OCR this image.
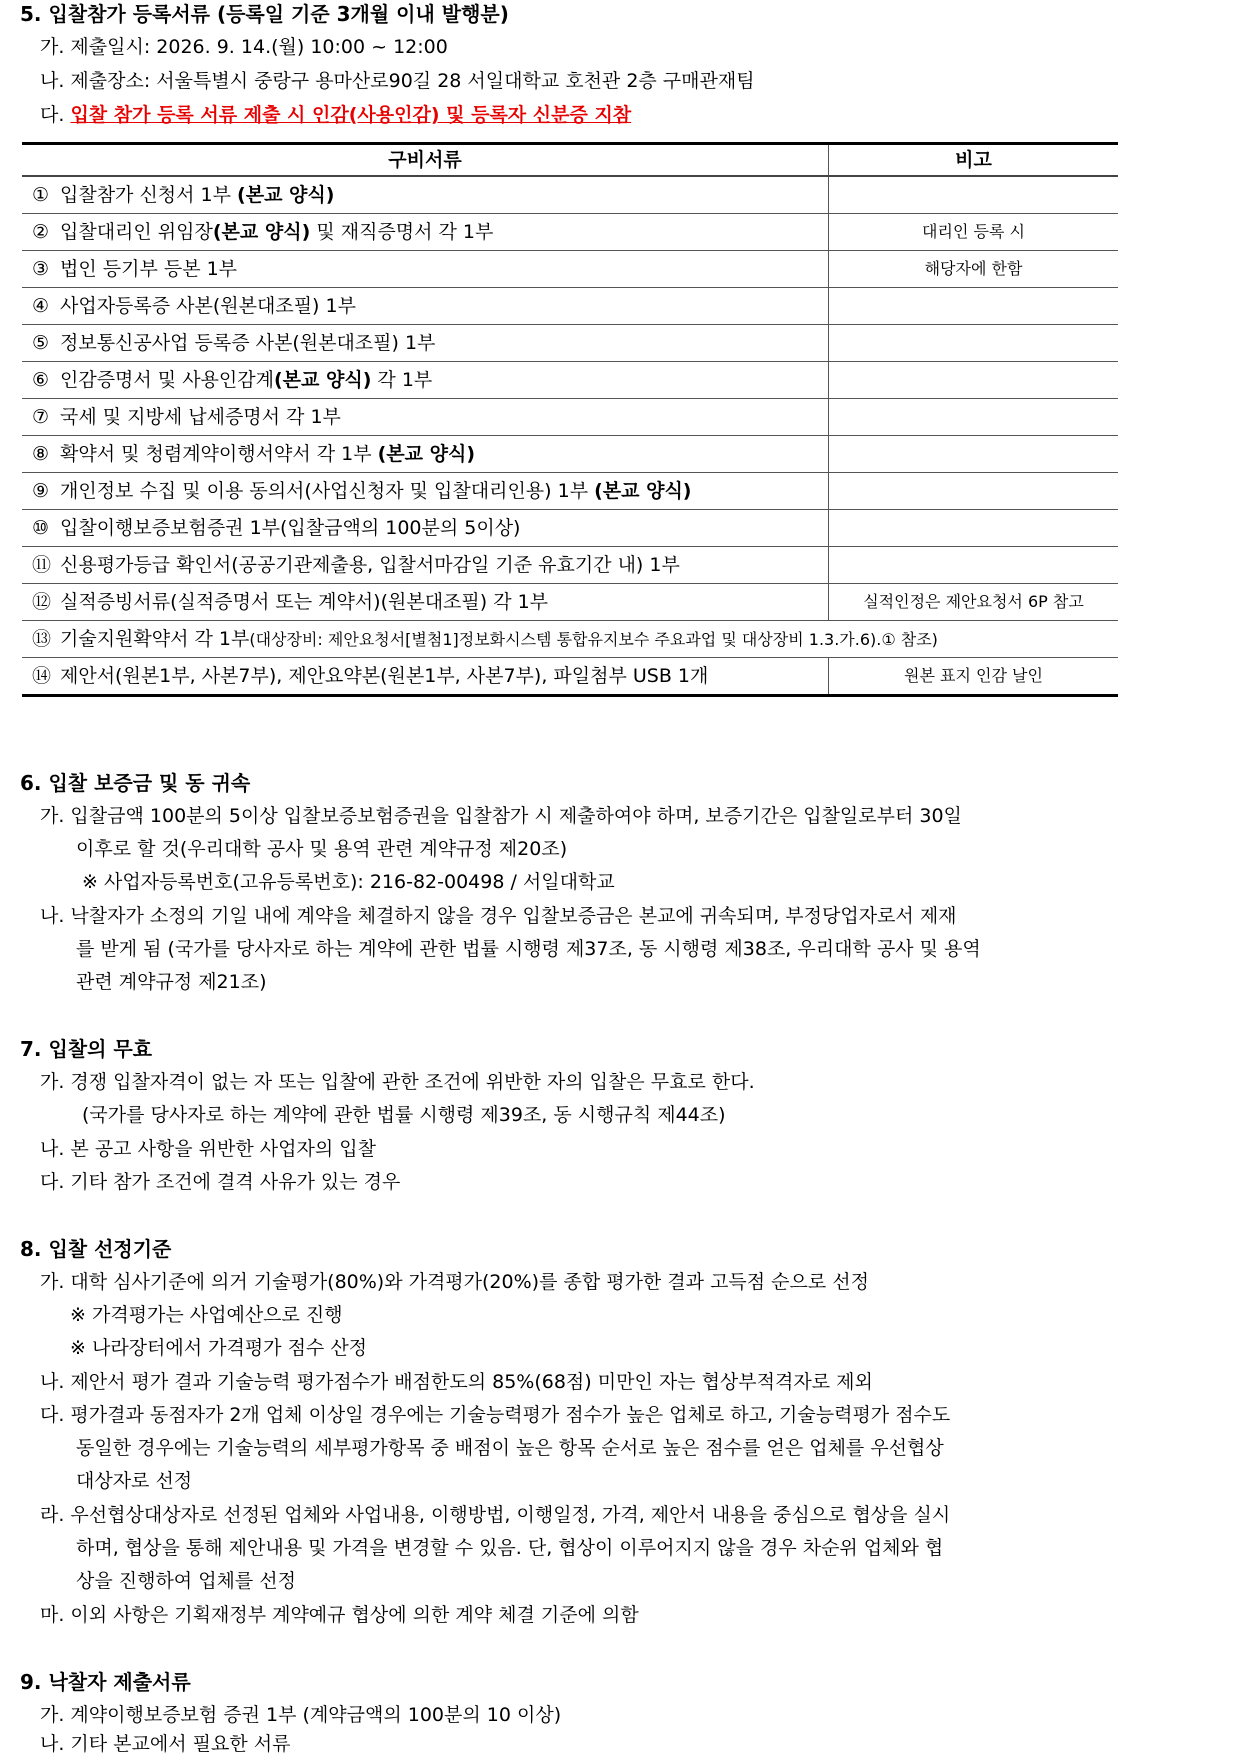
5. 입찰참가 등록서류 (등록일 기준 3개월 이내 발행분)
가. 제출일시: 2026. 9. 14.(월) 10:00 ~ 12:00
나. 제출장소: 서울특별시 중랑구 용마산로90길 28 서일대학교 호천관 2층 구매관재팀
다. 입찰 참가 등록 서류 제출 시 인감(사용인감) 및 등록자 신분증 지참
구비서류	비고
① 입찰참가 신청서 1부 (본교 양식)	
② 입찰대리인 위임장(본교 양식) 및 재직증명서 각 1부	대리인 등록 시
③ 법인 등기부 등본 1부	해당자에 한함
④ 사업자등록증 사본(원본대조필) 1부	
⑤ 정보통신공사업 등록증 사본(원본대조필) 1부	
⑥ 인감증명서 및 사용인감계(본교 양식) 각 1부	
⑦ 국세 및 지방세 납세증명서 각 1부	
⑧ 확약서 및 청렴계약이행서약서 각 1부 (본교 양식)	
⑨ 개인정보 수집 및 이용 동의서(사업신청자 및 입찰대리인용) 1부 (본교 양식)	
⑩ 입찰이행보증보험증권 1부(입찰금액의 100분의 5이상)	
⑪ 신용평가등급 확인서(공공기관제출용, 입찰서마감일 기준 유효기간 내) 1부	
⑫ 실적증빙서류(실적증명서 또는 계약서)(원본대조필) 각 1부	실적인정은 제안요청서 6P 참고
⑬ 기술지원확약서 각 1부(대상장비: 제안요청서[별첨1]정보화시스템 통합유지보수 주요과업 및 대상장비 1.3.가.6).① 참조)	
⑭ 제안서(원본1부, 사본7부), 제안요약본(원본1부, 사본7부), 파일첨부 USB 1개	원본 표지 인감 날인
6. 입찰 보증금 및 동 귀속
가. 입찰금액 100분의 5이상 입찰보증보험증권을 입찰참가 시 제출하여야 하며, 보증기간은 입찰일로부터 30일
이후로 할 것(우리대학 공사 및 용역 관련 계약규정 제20조)
※ 사업자등록번호(고유등록번호): 216-82-00498 / 서일대학교
나. 낙찰자가 소정의 기일 내에 계약을 체결하지 않을 경우 입찰보증금은 본교에 귀속되며, 부정당업자로서 제재
를 받게 됨 (국가를 당사자로 하는 계약에 관한 법률 시행령 제37조, 동 시행령 제38조, 우리대학 공사 및 용역
관련 계약규정 제21조)
7. 입찰의 무효
가. 경쟁 입찰자격이 없는 자 또는 입찰에 관한 조건에 위반한 자의 입찰은 무효로 한다.
(국가를 당사자로 하는 계약에 관한 법률 시행령 제39조, 동 시행규칙 제44조)
나. 본 공고 사항을 위반한 사업자의 입찰
다. 기타 참가 조건에 결격 사유가 있는 경우
8. 입찰 선정기준
가. 대학 심사기준에 의거 기술평가(80%)와 가격평가(20%)를 종합 평가한 결과 고득점 순으로 선정
※ 가격평가는 사업예산으로 진행
※ 나라장터에서 가격평가 점수 산정
나. 제안서 평가 결과 기술능력 평가점수가 배점한도의 85%(68점) 미만인 자는 협상부적격자로 제외
다. 평가결과 동점자가 2개 업체 이상일 경우에는 기술능력평가 점수가 높은 업체로 하고, 기술능력평가 점수도
동일한 경우에는 기술능력의 세부평가항목 중 배점이 높은 항목 순서로 높은 점수를 얻은 업체를 우선협상
대상자로 선정
라. 우선협상대상자로 선정된 업체와 사업내용, 이행방법, 이행일정, 가격, 제안서 내용을 중심으로 협상을 실시
하며, 협상을 통해 제안내용 및 가격을 변경할 수 있음. 단, 협상이 이루어지지 않을 경우 차순위 업체와 협
상을 진행하여 업체를 선정
마. 이외 사항은 기획재정부 계약예규 협상에 의한 계약 체결 기준에 의함
9. 낙찰자 제출서류
가. 계약이행보증보험 증권 1부 (계약금액의 100분의 10 이상)
나. 기타 본교에서 필요한 서류
